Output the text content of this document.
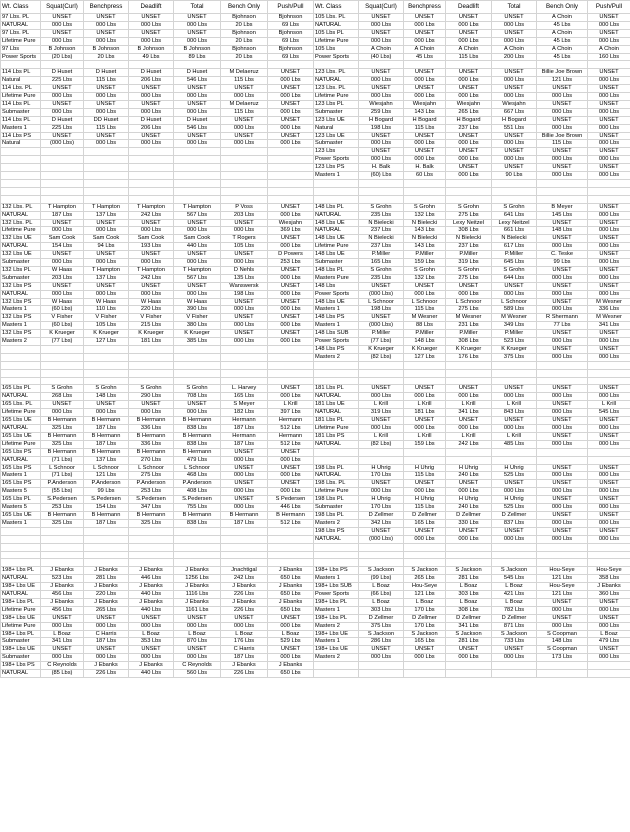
Wt. Class	Squat(Curl)	Benchpress	Deadlift	Total	Bench Only	Push/Pull	Wt. Class	Squat(Curl)	Benchpress	Deadlift	Total	Bench Only	Push/Pull
97 Lbs. PL	UNSET	UNSET	UNSET	UNSET	Bjohnson	Bjohnson	105 Lbs. PL	UNSET	UNSET	UNSET	UNSET	A Choin	UNSET
NATURAL	000 Lbs	000 Lbs	000 Lbs	000 Lbs	20 Lbs	69 Lbs	NATURAL	000 Lbs	000 Lbs	000 Lbs	000 Lbs	45 Lbs	000 Lbs
97 Lbs. PL	UNSET	UNSET	UNSET	UNSET	Bjohnson	Bjohnson	105 Lbs PL	UNSET	UNSET	UNSET	UNSET	A Choin	UNSET
Lifetime Pure	000 Lbs	000 Lbs	000 Lbs	000 Lbs	20 Lbs	69 Lbs	Lifetime Pure	000 Lbs	000 Lbs	000 Lbs	000 Lbs	45 Lbs	000 Lbs
97 Lbs	B Johnson	B Johnson	B Johnson	B Johnson	Bjohnson	Bjohnson	105 Lbs	A Choin	A Choin	A Choin	A Choin	A Choin	A Choin
Power Sports	(20 Lbs)	20 Lbs	49 Lbs	89 Lbs	20 Lbs	69 Lbs	Power Sports	(40 Lbs)	45 Lbs	115 Lbs	200 Lbs	45 Lbs	160 Lbs

114 Lbs PL	D Huset	D Huset	D Huset	D Huset	M Delaeruz	UNSET	123 Lbs. PL	UNSET	UNSET	UNSET	UNSET	Billie Joe Brown	UNSET
Natural	225 Lbs	115 Lbs	206 Lbs	546 Lbs	115 Lbs	000 Lbs	NATURAL	000 Lbs	000 Lbs	000 Lbs	000 Lbs	121 Lbs	000 Lbs
114 Lbs. PL	UNSET	UNSET	UNSET	UNSET	UNSET	UNSET	123 Lbs. PL	UNSET	UNSET	UNSET	UNSET	UNSET	UNSET
Lifetime Pure	000 Lbs	000 Lbs	000 Lbs	000 Lbs	000 Lbs	000 Lbs	Lifetime Pure	000 Lbs	000 Lbs	000 Lbs	000 Lbs	000 Lbs	000 Lbs
114 Lbs PL	UNSET	UNSET	UNSET	UNSET	M Delaeruz	UNSET	123 Lbs PL	Wiesjahn	Wiesjahn	Wiesjahn	Wiesjahn	UNSET	UNSET
Submaster	000 Lbs	000 Lbs	000 Lbs	000 Lbs	115 Lbs	000 Lbs	Submaster	259 Lbs	143 Lbs	265 Lbs	667 Lbs	000 Lbs	000 Lbs
114 Lbs PL	D Huset	DD Huset	D Huset	D Huset	UNSET	UNSET	123 Lbs UE	H Bogard	H Bogard	H Bogard	H Bogard	UNSET	UNSET
Masters 1	225 Lbs	115 Lbs	206 Lbs	546 Lbs	000 Lbs	000 Lbs	Natural	198 Lbs	115 Lbs	237 Lbs	551 Lbs	000 Lbs	000 Lbs
114 Lbs PS	UNSET	UNSET	UNSET	UNSET	UNSET	UNSET	123 Lbs UE	UNSET	UNSET	UNSET	UNSET	Billie Joe Brown	UNSET
Natural	(000 Lbs)	000 Lbs	000 Lbs	000 Lbs	000 Lbs	000 Lbs	Submaster	000 Lbs	000 Lbs	000 Lbs	000 Lbs	115 Lbs	000 Lbs
							123 Lbs	UNSET	UNSET	UNSET	UNSET	UNSET	UNSET
							Power Sports	000 Lbs	000 Lbs	000 Lbs	000 Lbs	000 Lbs	000 Lbs
							123 Lbs PS	H. Balk	H. Balk	UNSET	UNSET	UNSET	UNSET
							Masters 1	(60) Lbs	60 Lbs	000 Lbs	90 Lbs	000 Lbs	000 Lbs

132 Lbs. PL	T Hampton	T Hampton	T Hampton	T Hampton	P Voss	UNSET	148 Lbs PL	S Grohn	S Grohn	S Grohn	S Grohn	B Meyer	UNSET
NATURAL	187 Lbs	137 Lbs	242 Lbs	567 Lbs	203 Lbs	000 Lbs	NATURAL	235 Lbs	132 Lbs	275 Lbs	641 Lbs	145 Lbs	000 Lbs
132 Lbs. PL	UNSET	UNSET	UNSET	UNSET	UNSET	Wiesjahn	148 Lbs UE	N Bielecki	N Bielecki	Lexy Neitzel	Lexy Neitzel	UNSET	UNSET
Lifetime Pure	000 Lbs	000 Lbs	000 Lbs	000 Lbs	000 Lbs	369 Lbs	NATURAL	237 Lbs	143 Lbs	308 Lbs	661 Lbs	148 Lbs	000 Lbs
132 Lbs UE	Sam Cook	Sam Cook	Sam Cook	Sam Cook	T Rogers	UNSET	148 Lbs UE	N Bielecki	N Bielecki	N Bielecki	N Bielecki	UNSET	UNSET
NATURAL	154 Lbs	94 Lbs	193 Lbs	440 Lbs	105 Lbs	000 Lbs	Lifetime Pure	237 Lbs	143 Lbs	237 Lbs	617 Lbs	000 Lbs	000 Lbs
132 Lbs UE	UNSET	UNSET	UNSET	UNSET	UNSET	D Powers	148 Lbs UE	P.Miller	P.Miller	P.Miller	P.Miller	C. Teske	UNSET
Submaster	000 Lbs	000 Lbs	000 Lbs	000 Lbs	000 Lbs	253 Lbs	Submaster	165 Lbs	159 Lbs	319 Lbs	645 Lbs	99 Lbs	000 Lbs
132 Lbs PL	W Haas	T Hampton	T Hampton	T Hampton	D Nehls	UNSET	148 Lbs PL	S Grohn	S Grohn	S Grohn	S Grohn	UNSET	UNSET
Submaster	203 Lbs	137 Lbs	242 Lbs	567 Lbs	135 Lbs	000 Lbs	Masters Pure	235 Lbs	132 Lbs	275 Lbs	644 Lbs	000 Lbs	000 Lbs
132 Lbs PS	UNSET	UNSET	UNSET	UNSET	Wanswersk	UNSET	148 Lbs	UNSET	UNSET	UNSET	UNSET	UNSET	UNSET
NATURAL	000 Lbs	000 Lbs	000 Lbs	000 Lbs	198 Lbs	000 Lbs	Power Sports	(000 Lbs)	000 Lbs	000 Lbs	000 Lbs	000 Lbs	000 Lbs
132 Lbs PS	W Haas	W Haas	W Haas	W Haas	UNSET	UNSET	148 Lbs UE	L Schnoor	L Schnoor	L Schnoor	L Schnoor	UNSET	M Wesner
Masters 1	(60 Lbs)	110 Lbs	220 Lbs	390 Lbs	000 Lbs	000 Lbs	Masters 1	198 Lbs	115 Lbs	275 Lbs	589 Lbs	000 Lbs	336 Lbs
132 Lbs PS	V Fisher	V Fisher	V Fisher	V Fisher	UNSET	UNSET	148 Lbs PS	UNSET	M Wesner	M Wesner	M Wesner	R Shermann	M Wesner
Masters 1	(60 Lbs)	105 Lbs	215 Lbs	380 Lbs	000 Lbs	000 Lbs	Masters 1	(000 Lbs)	88 Lbs	231 Lbs	349 Lbs	77 Lbs	341 Lbs
132 Lbs PS	K Krueger	K Krueger	K Krueger	K Krueger	UNSET	UNSET	148 Lbs SUB	P.Miller	P.Miller	P.Miller	P.Miller	UNSET	UNSET
Masters 2	(77 Lbs)	127 Lbs	181 Lbs	385 Lbs	000 Lbs	000 Lbs	Power Sports	(77 Lbs)	148 Lbs	308 Lbs	523 Lbs	000 Lbs	000 Lbs
							148 Lbs PS	K Krueger	K Krueger	K Krueger	K Krueger	UNSET	UNSET
							Masters 2	(82 Lbs)	127 Lbs	176 Lbs	375 Lbs	000 Lbs	000 Lbs

165 Lbs PL	S Grohn	S Grohn	S Grohn	S Grohn	L. Harvey	UNSET	181 Lbs PL	UNSET	UNSET	UNSET	UNSET	UNSET	UNSET
NATURAL	268 Lbs	148 Lbs	290 Lbs	708 Lbs	165 Lbs	000 Lbs	NATURAL	000 Lbs	000 Lbs	000 Lbs	000 Lbs	000 Lbs	000 Lbs
165 Lbs. PL	UNSET	UNSET	UNSET	UNSET	S Meyer	L Krill	181 Lbs UE	L Krill	L Krill	L Krill	L Krill	UNSET	L Krill
Lifetime Pure	000 Lbs	000 Lbs	000 Lbs	000 Lbs	182 Lbs	397 Lbs	NATURAL	319 Lbs	181 Lbs	341 Lbs	843 Lbs	000 Lbs	545 Lbs
165 Lbs UE	B Hermann	B Hermann	B Hermann	B Hermann	Hermann	Hermann	181 Lbs PL	UNSET	UNSET	UNSET	UNSET	UNSET	UNSET
NATURAL	325 Lbs	187 Lbs	336 Lbs	838 Lbs	187 Lbs	512 Lbs	Lifetime Pure	000 Lbs	000 Lbs	000 Lbs	000 Lbs	000 Lbs	000 Lbs
165 Lbs UE	B Hermann	B Hermann	B Hermann	B Hermann	Hermann	Hermann	181 Lbs PS	L Krill	L Krill	L Krill	L Krill	UNSET	UNSET
Lifetime Pure	325 Lbs	187 Lbs	336 Lbs	838 Lbs	187 Lbs	512 Lbs	NATURAL	(82 Lbs)	159 Lbs	242 Lbs	485 Lbs	000 Lbs	000 Lbs
165 Lbs PS	B Hermann	B Hermann	B Hermann	B Hermann	UNSET	UNSET							
NATURAL	(71 Lbs)	137 Lbs	270 Lbs	479 Lbs	000 Lbs	000 Lbs							
165 Lbs PS	L Schnoor	L Schnoor	L Schnoor	L Schnoor	UNSET	UNSET	198 Lbs PL	H Uhrig	H Uhrig	H Uhrig	H Uhrig	UNSET	UNSET
Masters 1	(71 Lbs)	121 Lbs	275 Lbs	468 Lbs	000 Lbs	000 Lbs	NATURAL	170 Lbs	115 Lbs	240 Lbs	525 Lbs	000 Lbs	000 Lbs
165 Lbs PS	P.Anderson	P.Anderson	P.Anderson	P.Anderson	UNSET	UNSET	198 Lbs. PL	UNSET	UNSET	UNSET	UNSET	UNSET	UNSET
Masters 5	(55 Lbs)	99 Lbs	253 Lbs	408 Lbs	000 Lbs	000 Lbs	Lifetime Pure	000 Lbs	000 Lbs	000 Lbs	000 Lbs	000 Lbs	000 Lbs
165 Lbs PL	S.Pedersen	S.Pedersen	S.Pedersen	S.Pedersen	UNSET	S Pedersen	198 Lbs PL	H Uhrig	H Uhrig	H Uhrig	H Uhrig	UNSET	UNSET
Masters 5	253 Lbs	154 Lbs	347 Lbs	755 Lbs	000 Lbs	446 Lbs	Submaster	170 Lbs	115 Lbs	240 Lbs	525 Lbs	000 Lbs	000 Lbs
165 Lbs UE	B Hermann	B Hermann	B Hermann	B Hermann	B Hermann	B Hermann	198 Lbs PL	D Zellmer	D Zellmer	D Zellmer	D Zellmer	UNSET	UNSET
Masters 1	325 Lbs	187 Lbs	325 Lbs	838 Lbs	187 Lbs	512 Lbs	Masters 2	342 Lbs	165 Lbs	330 Lbs	837 Lbs	000 Lbs	000 Lbs
							198 Lbs PS	UNSET	UNSET	UNSET	UNSET	UNSET	UNSET
							NATURAL	(000 Lbs)	000 Lbs	000 Lbs	000 Lbs	000 Lbs	000 Lbs

198+ Lbs PL	J Ebanks	J Ebanks	J Ebanks	J Ebanks	Jnachtigal	J Ebanks	198+ Lbs PS	S Jackson	S Jackson	S Jackson	S Jackson	Hou-Seye	Hou-Seye
NATURAL	523 Lbs	281 Lbs	446 Lbs	1256 Lbs	242 Lbs	650 Lbs	Masters 1	(99 Lbs)	265 Lbs	281 Lbs	545 Lbs	121 Lbs	358 Lbs
198+ Lbs UE	J Ebanks	J Ebanks	J Ebanks	J Ebanks	J Ebanks	J Ebanks	198+ Lbs SUB	L Boaz	Hou-Seye	L Boaz	L Boaz	Hou-Seye	J Ebanks
NATURAL	456 Lbs	220 Lbs	440 Lbs	1116 Lbs	226 Lbs	650 Lbs	Power Sports	(66 Lbs)	121 Lbs	303 Lbs	421 Lbs	121 Lbs	360 Lbs
198+ Lbs PL	J Ebanks	J Ebanks	J Ebanks	J Ebanks	J Ebanks	J Ebanks	198+ Lbs PL	L Boaz	L Boaz	L Boaz	L Boaz	UNSET	UNSET
Lifetime Pure	456 Lbs	265 Lbs	440 Lbs	1161 Lbs	226 Lbs	650 Lbs	Masters 1	303 Lbs	170 Lbs	308 Lbs	782 Lbs	000 Lbs	000 Lbs
198+ Lbs UE	UNSET	UNSET	UNSET	UNSET	UNSET	UNSET	198+ Lbs PL	D Zellmer	D Zellmer	D Zellmer	D Zellmer	UNSET	UNSET
Lifetime Pure	000 Lbs	000 Lbs	000 Lbs	000 Lbs	000 Lbs	000 Lbs	Masters 2	375 Lbs	170 Lbs	341 Lbs	871 Lbs	000 Lbs	000 Lbs
198+ Lbs PL	L Boaz	C Harris	L Boaz	L Boaz	L Boaz	L Boaz	198+ Lbs UE	S Jackson	S Jackson	S Jackson	S Jackson	S Coopman	L Boaz
Submaster	341 Lbs	187 Lbs	353 Lbs	870 Lbs	176 Lbs	529 Lbs	Masters 1	286 Lbs	165 Lbs	281 Lbs	733 Lbs	148 Lbs	479 Lbs
198+ Lbs UE	UNSET	UNSET	UNSET	UNSET	C Harris	UNSET	198+ Lbs UE	UNSET	UNSET	UNSET	UNSET	S Coopman	UNSET
Submaster	000 Lbs	000 Lbs	000 Lbs	000 Lbs	187 Lbs	000 Lbs	Masters 2	000 Lbs	000 Lbs	000 Lbs	000 Lbs	173 Lbs	000 Lbs
198+ Lbs PS	C Reynolds	J Ebanks	J Ebanks	C Reynolds	J Ebanks	J Ebanks							
NATURAL	(85 Lbs)	226 Lbs	440 Lbs	560 Lbs	226 Lbs	650 Lbs							
